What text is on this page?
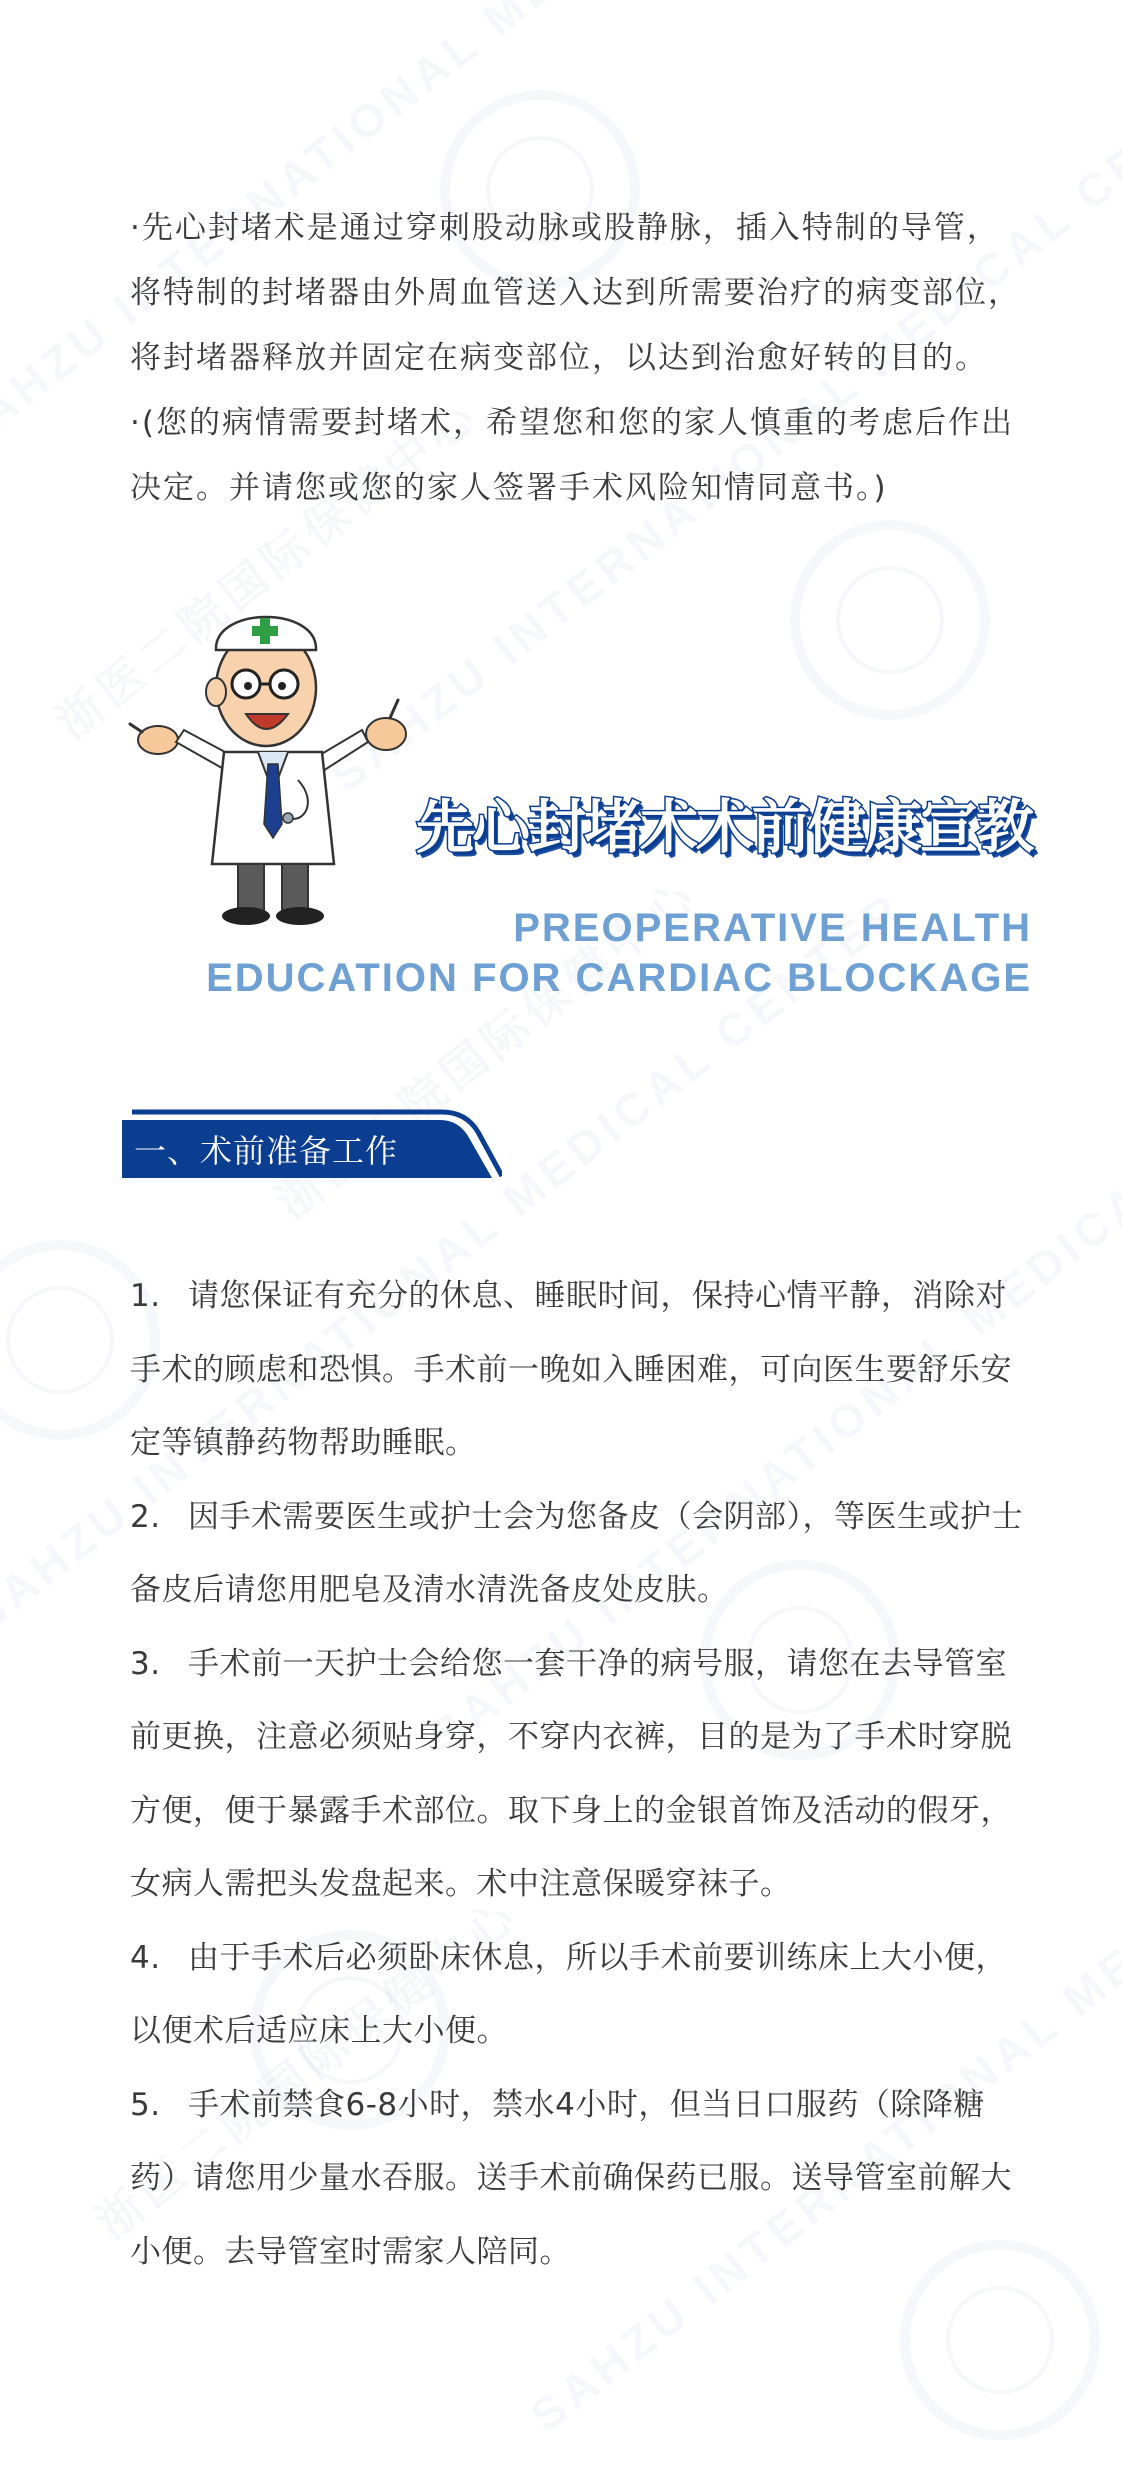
·先心封堵术是通过穿刺股动脉或股静脉，插入特制的导管，将特制的封堵器由外周血管送入达到所需要治疗的病变部位，将封堵器释放并固定在病变部位，以达到治愈好转的目的。

·(您的病情需要封堵术，希望您和您的家人慎重的考虑后作出决定。并请您或您的家人签署手术风险知情同意书。)

先心封堵术术前健康宣教
PREOPERATIVE HEALTH
EDUCATION FOR CARDIAC BLOCKAGE
一、术前准备工作
1. 请您保证有充分的休息、睡眠时间，保持心情平静，消除对手术的顾虑和恐惧。手术前一晚如入睡困难，可向医生要舒乐安定等镇静药物帮助睡眠。
2. 因手术需要医生或护士会为您备皮（会阴部），等医生或护士备皮后请您用肥皂及清水清洗备皮处皮肤。
3. 手术前一天护士会给您一套干净的病号服，请您在去导管室前更换，注意必须贴身穿，不穿内衣裤，目的是为了手术时穿脱方便，便于暴露手术部位。取下身上的金银首饰及活动的假牙，女病人需把头发盘起来。术中注意保暖穿袜子。
4. 由于手术后必须卧床休息，所以手术前要训练床上大小便，以便术后适应床上大小便。
5. 手术前禁食6-8小时，禁水4小时，但当日口服药（除降糖药）请您用少量水吞服。送手术前确保药已服。送导管室前解大小便。去导管室时需家人陪同。
